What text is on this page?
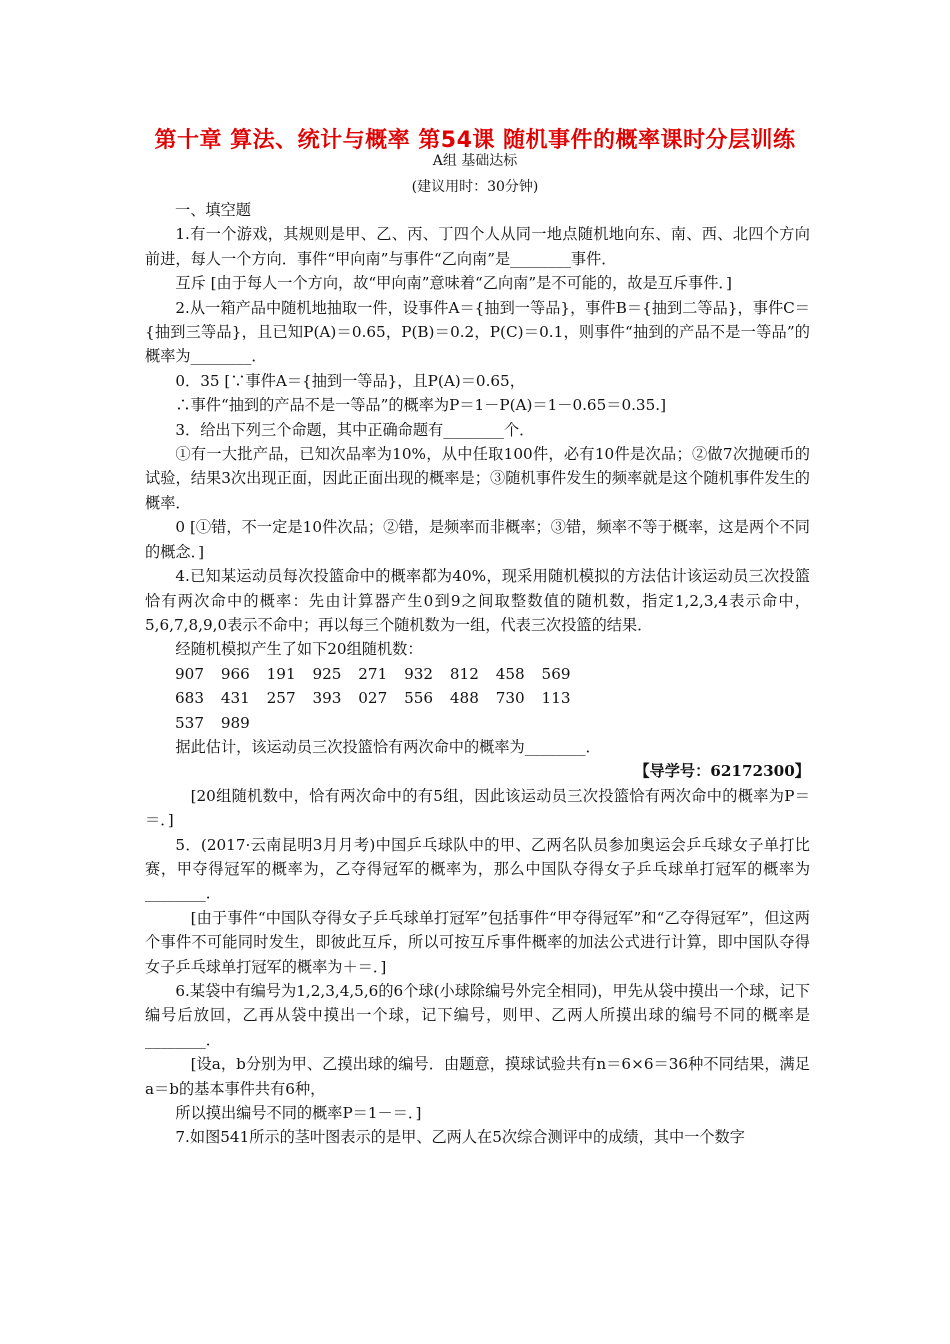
第十章 算法、统计与概率 第54课 随机事件的概率课时分层训练
A组 基础达标
(建议用时：30分钟)

一、填空题

1.有一个游戏，其规则是甲、乙、丙、丁四个人从同一地点随机地向东、南、西、北四个方向前进，每人一个方向．事件“甲向南”与事件“乙向南”是________事件．

互斥 [由于每人一个方向，故“甲向南”意味着“乙向南”是不可能的，故是互斥事件．]

2.从一箱产品中随机地抽取一件，设事件A＝{抽到一等品}，事件B＝{抽到二等品}，事件C＝{抽到三等品}，且已知P(A)＝0.65，P(B)＝0.2，P(C)＝0.1，则事件“抽到的产品不是一等品”的概率为________．

0．35 [∵事件A＝{抽到一等品}，且P(A)＝0.65，

∴事件“抽到的产品不是一等品”的概率为P＝1－P(A)＝1－0.65＝0.35.]

3．给出下列三个命题，其中正确命题有________个．

①有一大批产品，已知次品率为10%，从中任取100件，必有10件是次品；②做7次抛硬币的试验，结果3次出现正面，因此正面出现的概率是；③随机事件发生的频率就是这个随机事件发生的概率．

0 [①错，不一定是10件次品；②错，是频率而非概率；③错，频率不等于概率，这是两个不同的概念．]

4.已知某运动员每次投篮命中的概率都为40%，现采用随机模拟的方法估计该运动员三次投篮恰有两次命中的概率：先由计算器产生0到9之间取整数值的随机数，指定1,2,3,4表示命中，5,6,7,8,9,0表示不命中；再以每三个随机数为一组，代表三次投篮的结果．

经随机模拟产生了如下20组随机数：

907 966 191 925 271 932 812 458 569

683 431 257 393 027 556 488 730 113

537 989

据此估计，该运动员三次投篮恰有两次命中的概率为________．

【导学号：62172300】

[20组随机数中，恰有两次命中的有5组，因此该运动员三次投篮恰有两次命中的概率为P＝＝．]

5．(2017·云南昆明3月月考)中国乒乓球队中的甲、乙两名队员参加奥运会乒乓球女子单打比赛，甲夺得冠军的概率为，乙夺得冠军的概率为，那么中国队夺得女子乒乓球单打冠军的概率为________．

[由于事件“中国队夺得女子乒乓球单打冠军”包括事件“甲夺得冠军”和“乙夺得冠军”，但这两个事件不可能同时发生，即彼此互斥，所以可按互斥事件概率的加法公式进行计算，即中国队夺得女子乒乓球单打冠军的概率为＋＝．]

6.某袋中有编号为1,2,3,4,5,6的6个球(小球除编号外完全相同)，甲先从袋中摸出一个球，记下编号后放回，乙再从袋中摸出一个球，记下编号，则甲、乙两人所摸出球的编号不同的概率是________．

[设a，b分别为甲、乙摸出球的编号．由题意，摸球试验共有n＝6×6＝36种不同结果，满足a＝b的基本事件共有6种，

所以摸出编号不同的概率P＝1－＝．]

7.如图541所示的茎叶图表示的是甲、乙两人在5次综合测评中的成绩，其中一个数字
